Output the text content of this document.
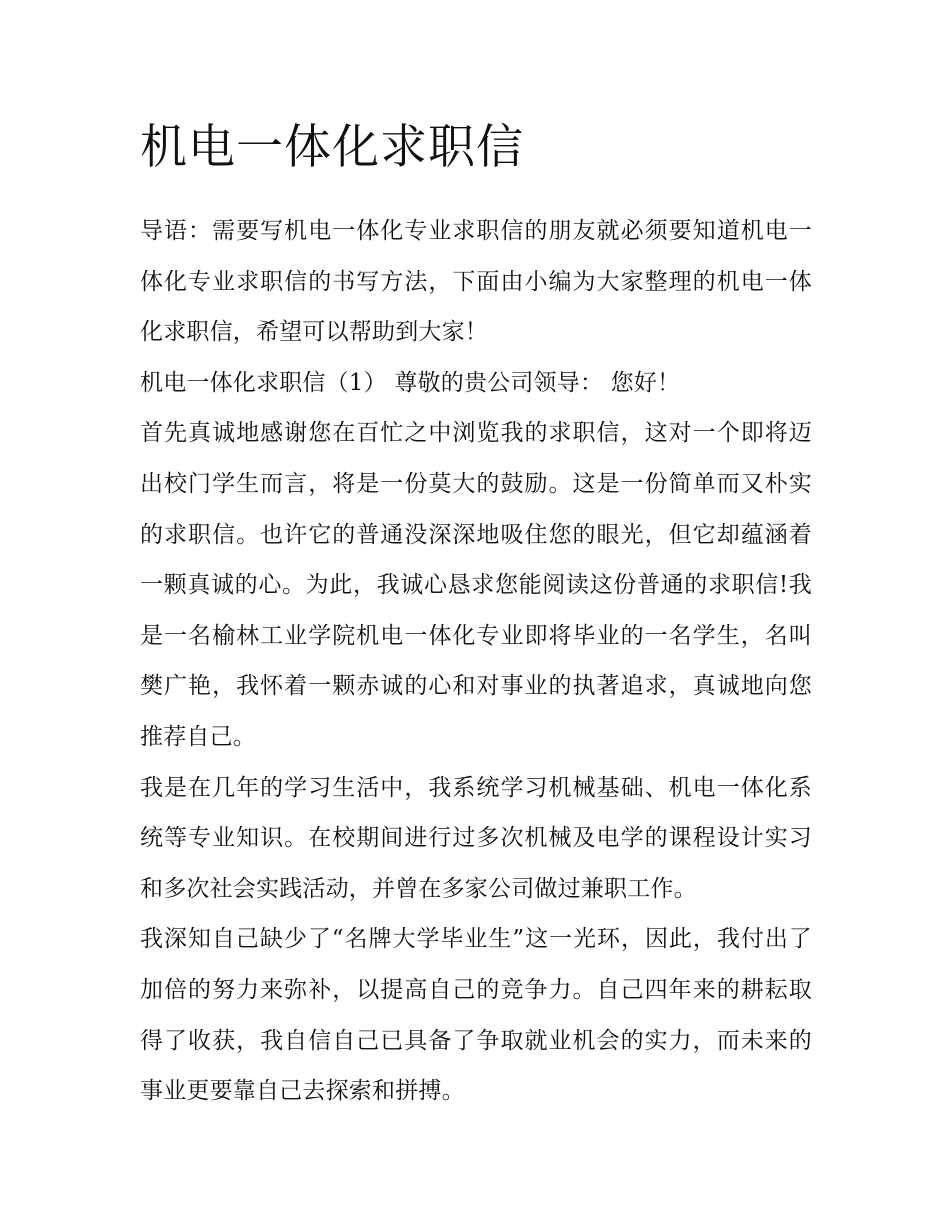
机电一体化求职信

导语：需要写机电一体化专业求职信的朋友就必须要知道机电一体化专业求职信的书写方法，下面由小编为大家整理的机电一体化求职信，希望可以帮助到大家！

机电一体化求职信（1） 尊敬的贵公司领导： 您好！

首先真诚地感谢您在百忙之中浏览我的求职信，这对一个即将迈出校门学生而言，将是一份莫大的鼓励。这是一份简单而又朴实的求职信。也许它的普通没深深地吸住您的眼光，但它却蕴涵着一颗真诚的心。为此，我诚心恳求您能阅读这份普通的求职信!我是一名榆林工业学院机电一体化专业即将毕业的一名学生，名叫樊广艳，我怀着一颗赤诚的心和对事业的执著追求，真诚地向您推荐自己。

我是在几年的学习生活中，我系统学习机械基础、机电一体化系统等专业知识。在校期间进行过多次机械及电学的课程设计实习和多次社会实践活动，并曾在多家公司做过兼职工作。

我深知自己缺少了“名牌大学毕业生”这一光环，因此，我付出了加倍的努力来弥补，以提高自己的竞争力。自己四年来的耕耘取得了收获，我自信自己已具备了争取就业机会的实力，而未来的事业更要靠自己去探索和拼搏。
